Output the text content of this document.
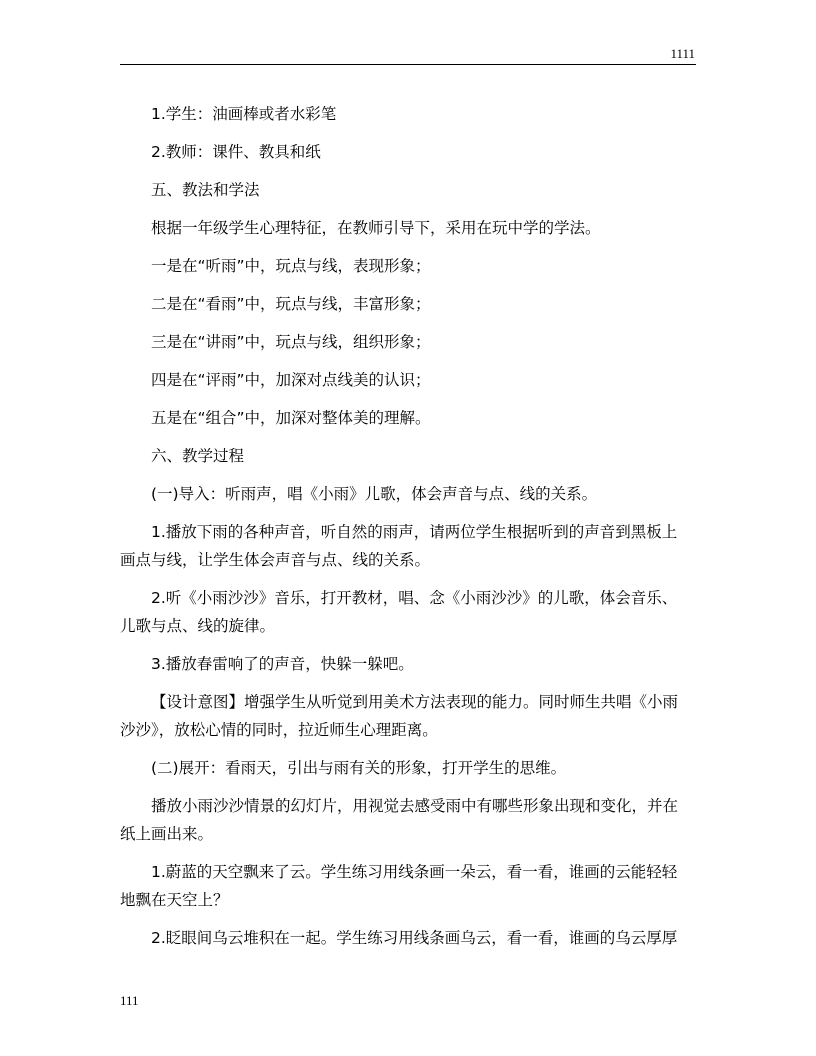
1111
1.学生：油画棒或者水彩笔
2.教师：课件、教具和纸
五、教法和学法
根据一年级学生心理特征，在教师引导下，采用在玩中学的学法。
一是在“听雨”中，玩点与线，表现形象；
二是在“看雨”中，玩点与线，丰富形象；
三是在“讲雨”中，玩点与线，组织形象；
四是在“评雨”中，加深对点线美的认识；
五是在“组合”中，加深对整体美的理解。
六、教学过程
(一)导入：听雨声，唱《小雨》儿歌，体会声音与点、线的关系。
1.播放下雨的各种声音，听自然的雨声，请两位学生根据听到的声音到黑板上
画点与线，让学生体会声音与点、线的关系。
2.听《小雨沙沙》音乐，打开教材，唱、念《小雨沙沙》的儿歌，体会音乐、
儿歌与点、线的旋律。
3.播放春雷响了的声音，快躲一躲吧。
【设计意图】增强学生从听觉到用美术方法表现的能力。同时师生共唱《小雨
沙沙》，放松心情的同时，拉近师生心理距离。
(二)展开：看雨天，引出与雨有关的形象，打开学生的思维。
播放小雨沙沙情景的幻灯片，用视觉去感受雨中有哪些形象出现和变化，并在
纸上画出来。
1.蔚蓝的天空飘来了云。学生练习用线条画一朵云，看一看，谁画的云能轻轻
地飘在天空上？
2.眨眼间乌云堆积在一起。学生练习用线条画乌云，看一看，谁画的乌云厚厚
111
